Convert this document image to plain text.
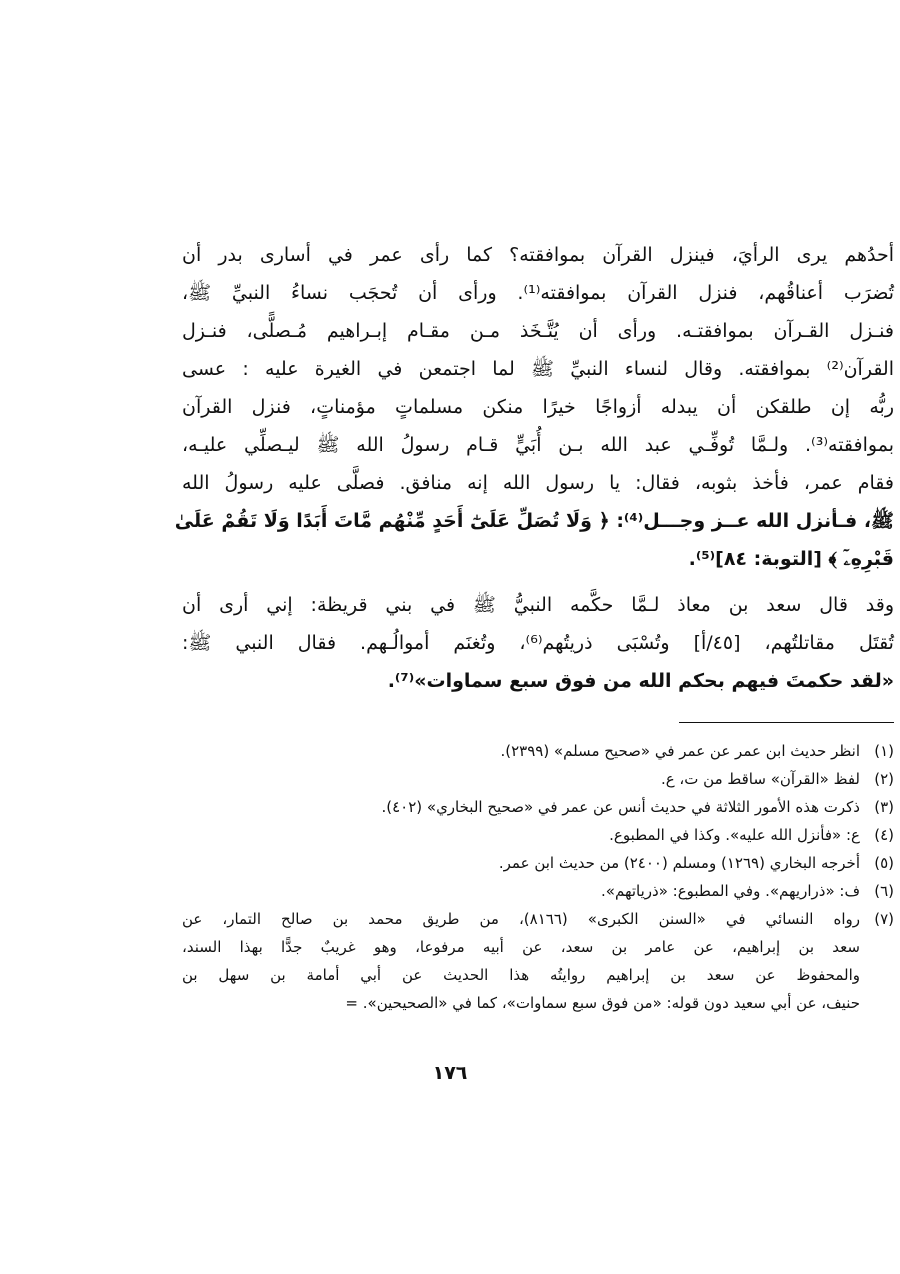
أحدُهم يرى الرأيَ، فينزل القرآن بموافقته؟ كما رأى عمر في أسارى بدر أن
تُضرَب أعناقُهم، فنزل القرآن بموافقته⁽¹⁾. ورأى أن تُحجَب نساءُ النبيِّ ﷺ،
فنـزل القـرآن بموافقتـه. ورأى أن يُتَّـخَذ مـن مقـام إبـراهيم مُـصلًّى، فنـزل
القرآن⁽²⁾ بموافقته. وقال لنساء النبيِّ ﷺ لما اجتمعن في الغيرة عليه : عسى
ربُّه إن طلقكن أن يبدله أزواجًا خيرًا منكن مسلماتٍ مؤمناتٍ، فنزل القرآن
بموافقته⁽³⁾. ولـمَّا تُوفِّـي عبد الله بـن أُبَيٍّ قـام رسولُ الله ﷺ ليـصلِّي عليـه،
فقام عمر، فأخذ بثوبه، فقال: يا رسول الله إنه منافق. فصلَّى عليه رسولُ الله
ﷺ، فـأنزل الله عــز وجـــل⁽⁴⁾: ﴿ وَلَا تُصَلِّ عَلَىٰٓ أَحَدٍ مِّنْهُم مَّاتَ أَبَدًا وَلَا تَقُمْ عَلَىٰ
قَبْرِهِۦٓ ﴾ [التوبة: ٨٤]⁽⁵⁾.

وقد قال سعد بن معاذ لـمَّا حكَّمه النبيُّ ﷺ في بني قريظة: إني أرى أن
تُقتَل مقاتلتُهم، [٤٥/أ] وتُسْبَى ذريتُهم⁽⁶⁾، وتُغنَم أموالُـهم. فقال النبي ﷺ:
«لقد حكمتَ فيهم بحكم الله من فوق سبع سماوات»⁽⁷⁾.

(١)
انظر حديث ابن عمر عن عمر في «صحيح مسلم» (٢٣٩٩).
(٢)
لفظ «القرآن» ساقط من ت، ع.
(٣)
ذكرت هذه الأمور الثلاثة في حديث أنس عن عمر في «صحيح البخاري» (٤٠٢).
(٤)
ع: «فأنزل الله عليه». وكذا في المطبوع.
(٥)
أخرجه البخاري (١٢٦٩) ومسلم (٢٤٠٠) من حديث ابن عمر.
(٦)
ف: «ذراريهم». وفي المطبوع: «ذرياتهم».
(٧)
رواه النسائي في «السنن الكبرى» (٨١٦٦)، من طريق محمد بن صالح التمار، عن
سعد بن إبراهيم، عن عامر بن سعد، عن أبيه مرفوعا، وهو غريبٌ جدًّا بهذا السند،
والمحفوظ عن سعد بن إبراهيم روايتُه هذا الحديث عن أبي أمامة بن سهل بن
حنيف، عن أبي سعيد دون قوله: «من فوق سبع سماوات»، كما في «الصحيحين». =
١٧٦
